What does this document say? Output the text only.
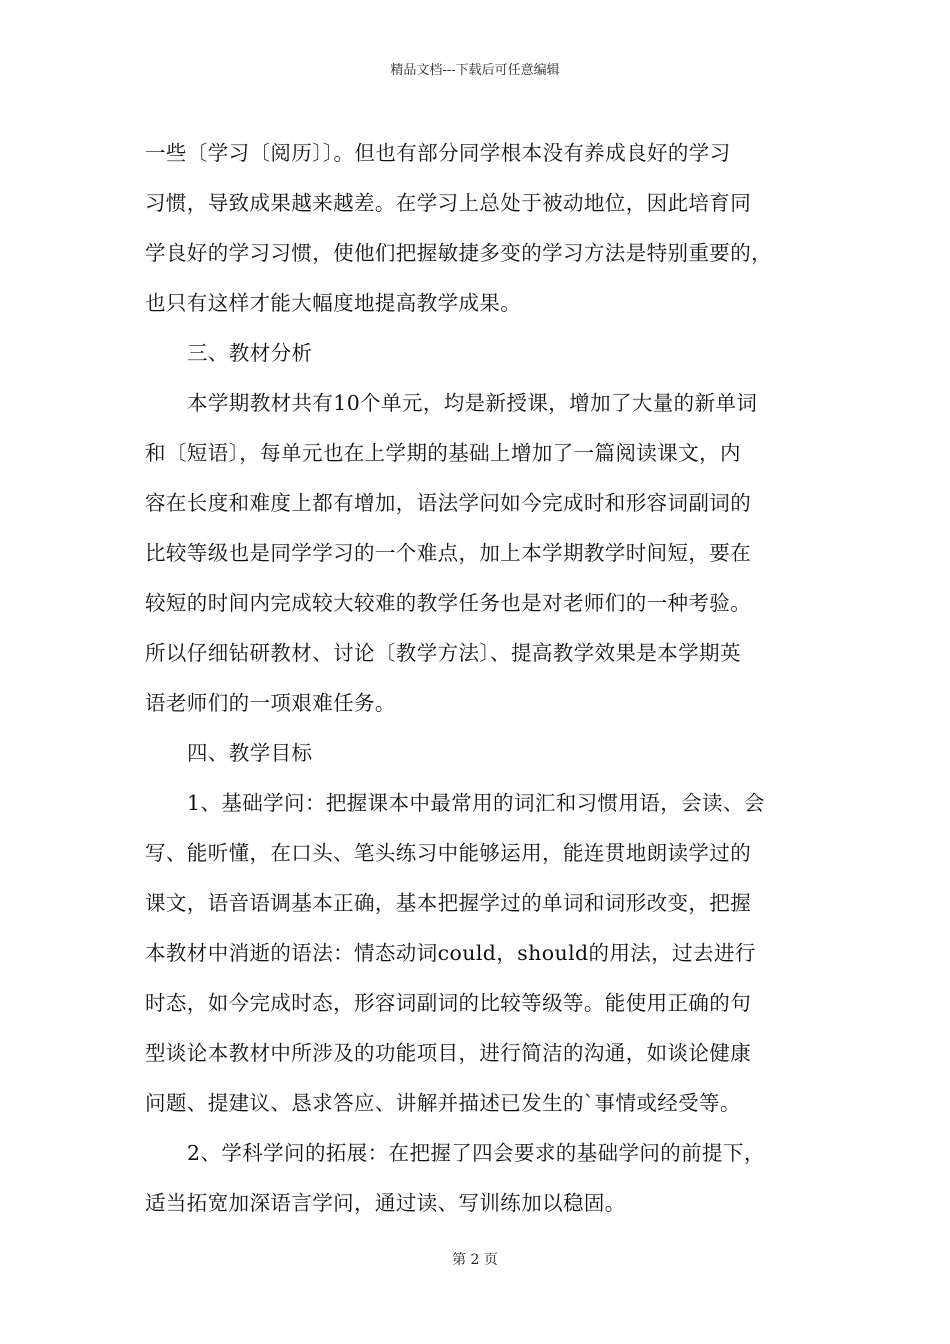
精品文档---下载后可任意编辑
一些〔学习〔阅历〕〕。但也有部分同学根本没有养成良好的学习
习惯，导致成果越来越差。在学习上总处于被动地位，因此培育同
学良好的学习习惯，使他们把握敏捷多变的学习方法是特别重要的，
也只有这样才能大幅度地提高教学成果。
三、教材分析
本学期教材共有10个单元，均是新授课，增加了大量的新单词
和〔短语〕，每单元也在上学期的基础上增加了一篇阅读课文，内
容在长度和难度上都有增加，语法学问如今完成时和形容词副词的
比较等级也是同学学习的一个难点，加上本学期教学时间短，要在
较短的时间内完成较大较难的教学任务也是对老师们的一种考验。
所以仔细钻研教材、讨论〔教学方法〕、提高教学效果是本学期英
语老师们的一项艰难任务。
四、教学目标
1、基础学问：把握课本中最常用的词汇和习惯用语，会读、会
写、能听懂，在口头、笔头练习中能够运用，能连贯地朗读学过的
课文，语音语调基本正确，基本把握学过的单词和词形改变，把握
本教材中消逝的语法：情态动词could，should的用法，过去进行
时态，如今完成时态，形容词副词的比较等级等。能使用正确的句
型谈论本教材中所涉及的功能项目，进行简洁的沟通，如谈论健康
问题、提建议、恳求答应、讲解并描述已发生的`事情或经受等。
2、学科学问的拓展：在把握了四会要求的基础学问的前提下，
适当拓宽加深语言学问，通过读、写训练加以稳固。
第 2 页
